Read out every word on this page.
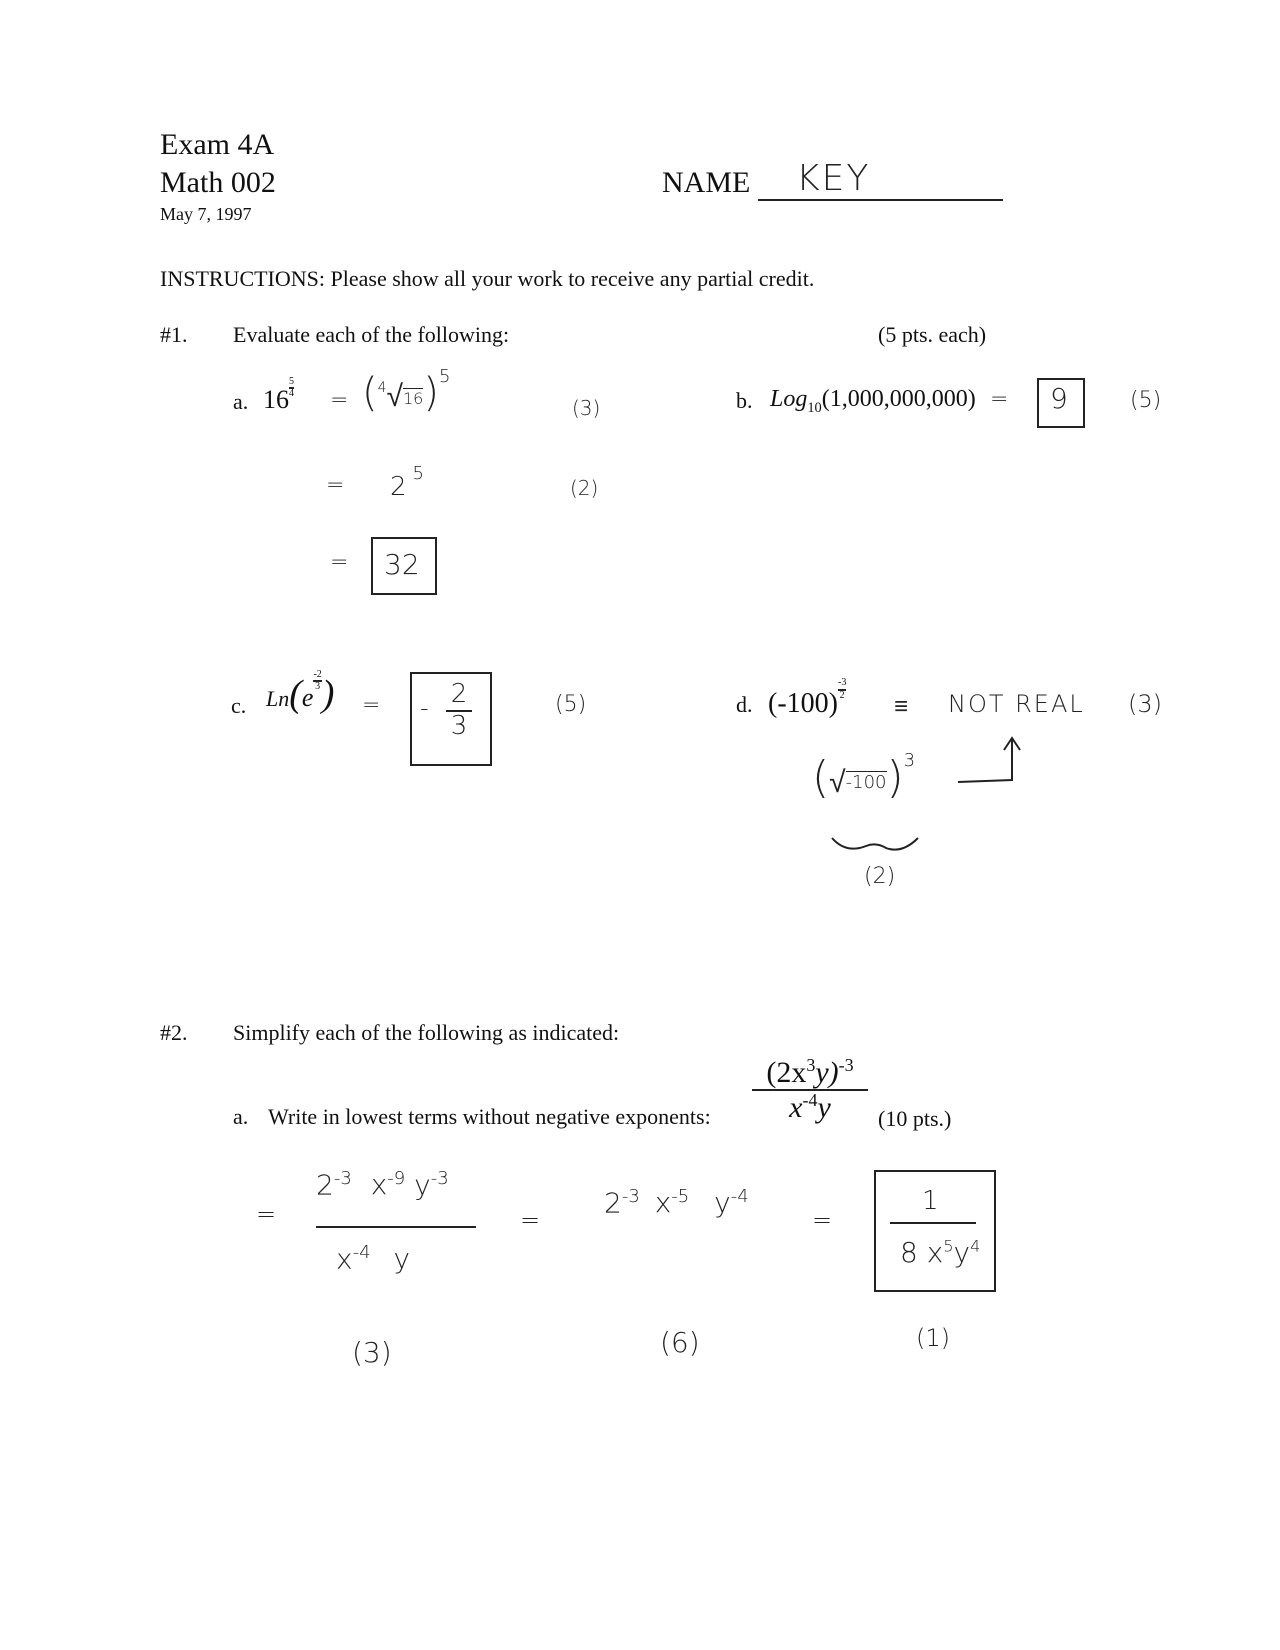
Exam 4A
Math 002
May 7, 1997
NAME KEY
INSTRUCTIONS: Please show all your work to receive any partial credit.
#1. Evaluate each of the following:	(5 pts. each)
a. $16 \frac{5}{4} = (^4√16)^5$
(3)
= 2 $^5$
(2)
= 32
b. Log$_{10}$(1,000,000,000) = 9	(5)
c. Ln(e
$\frac{-2}{3}$ ) = - 2
3
(5)	d. $(-100) \frac{-3}{2}$
≡ NOT REAL (3)
$(√-100)^3$
(2)
#2. Simplify each of the following as indicated:
a. Write in lowest terms without negative exponents:
$(2x^3y)^{-3}$
$x^{-4}y$ (10 pts.)
=
$2^{-3}$ $x^{-9}$ $y^{-3}$
$x^{-4}$ y
(3)
=
$2^{-3}$ $x^{-5}$ $y^{-4}$
(6)
=
1
8 $x^5y^4$
(1)
